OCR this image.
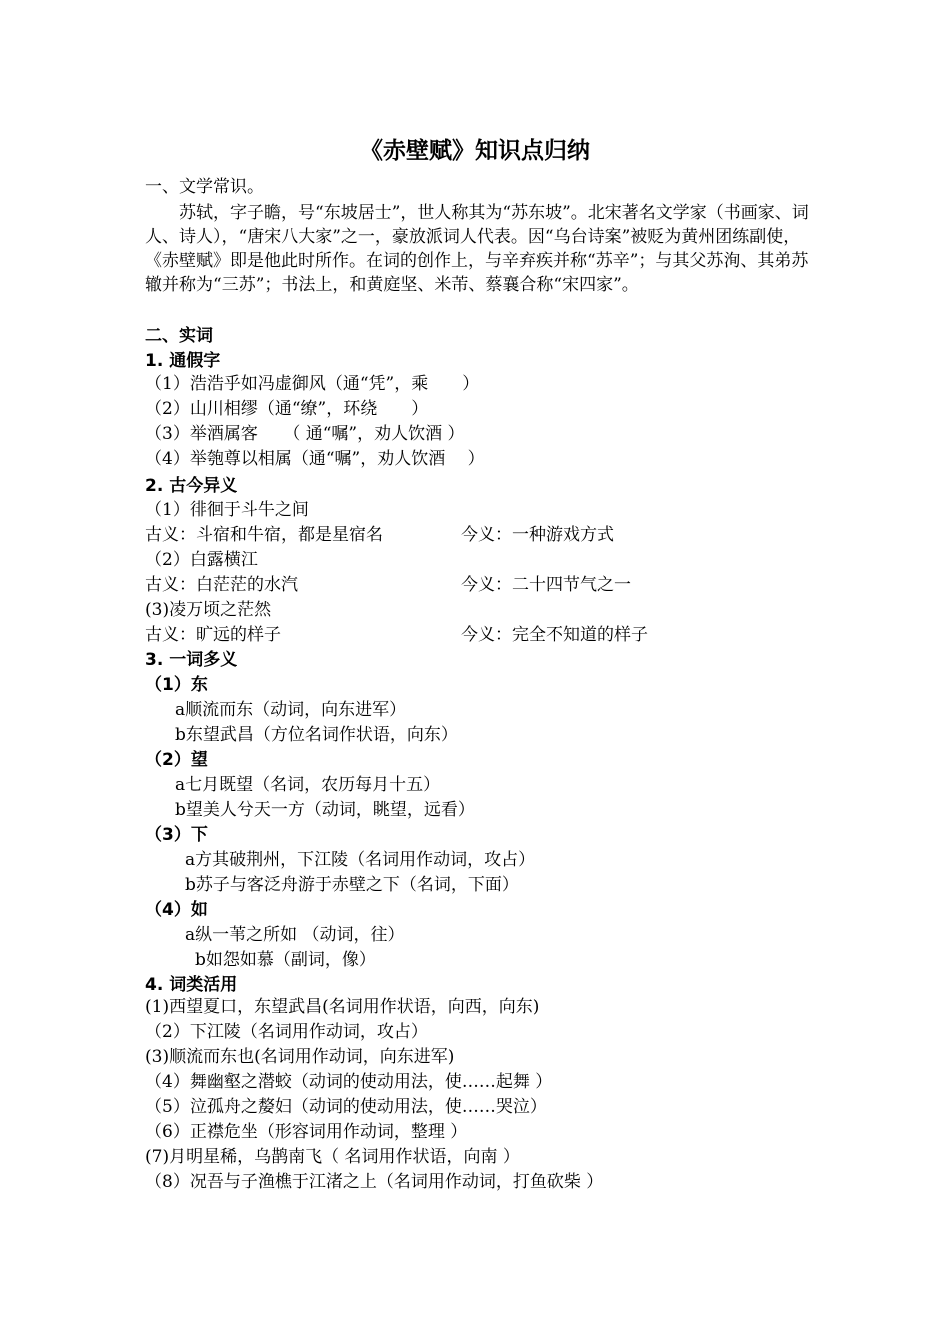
《赤壁赋》知识点归纳
一、文学常识。
苏轼，字子瞻，号“东坡居士”，世人称其为“苏东坡”。北宋著名文学家（书画家、词人、诗人），“唐宋八大家”之一，豪放派词人代表。因“乌台诗案”被贬为黄州团练副使，《赤壁赋》即是他此时所作。在词的创作上，与辛弃疾并称“苏辛”；与其父苏洵、其弟苏辙并称为“三苏”；书法上，和黄庭坚、米芾、蔡襄合称“宋四家”。
二、实词
1. 通假字
（1）浩浩乎如冯虚御风（通“凭”，乘　　）
（2）山川相缪（通“缭”，环绕　　）
（3）举酒属客　　（ 通“嘱”，劝人饮酒 ）
（4）举匏尊以相属（通“嘱”，劝人饮酒　 ）
2. 古今异义
（1）徘徊于斗牛之间
古义：斗宿和牛宿，都是星宿名	今义：一种游戏方式
（2）白露横江
古义：白茫茫的水汽	今义：二十四节气之一
(3)凌万顷之茫然
古义：旷远的样子	今义：完全不知道的样子
3. 一词多义
（1）东
a顺流而东（动词，向东进军）
b东望武昌（方位名词作状语，向东）
（2）望
a七月既望（名词，农历每月十五）
b望美人兮天一方（动词，眺望，远看）
（3）下
a方其破荆州，下江陵（名词用作动词，攻占）
b苏子与客泛舟游于赤壁之下（名词，下面）
（4）如
a纵一苇之所如 （动词，往）
b如怨如慕（副词，像）
4. 词类活用
(1)西望夏口，东望武昌(名词用作状语，向西，向东)
（2）下江陵（名词用作动词，攻占）
(3)顺流而东也(名词用作动词，向东进军)
（4）舞幽壑之潜蛟（动词的使动用法，使……起舞 ）
（5）泣孤舟之嫠妇（动词的使动用法，使……哭泣）
（6）正襟危坐（形容词用作动词，整理 ）
(7)月明星稀，乌鹊南飞（ 名词用作状语，向南 ）
（8）况吾与子渔樵于江渚之上（名词用作动词，打鱼砍柴 ）
